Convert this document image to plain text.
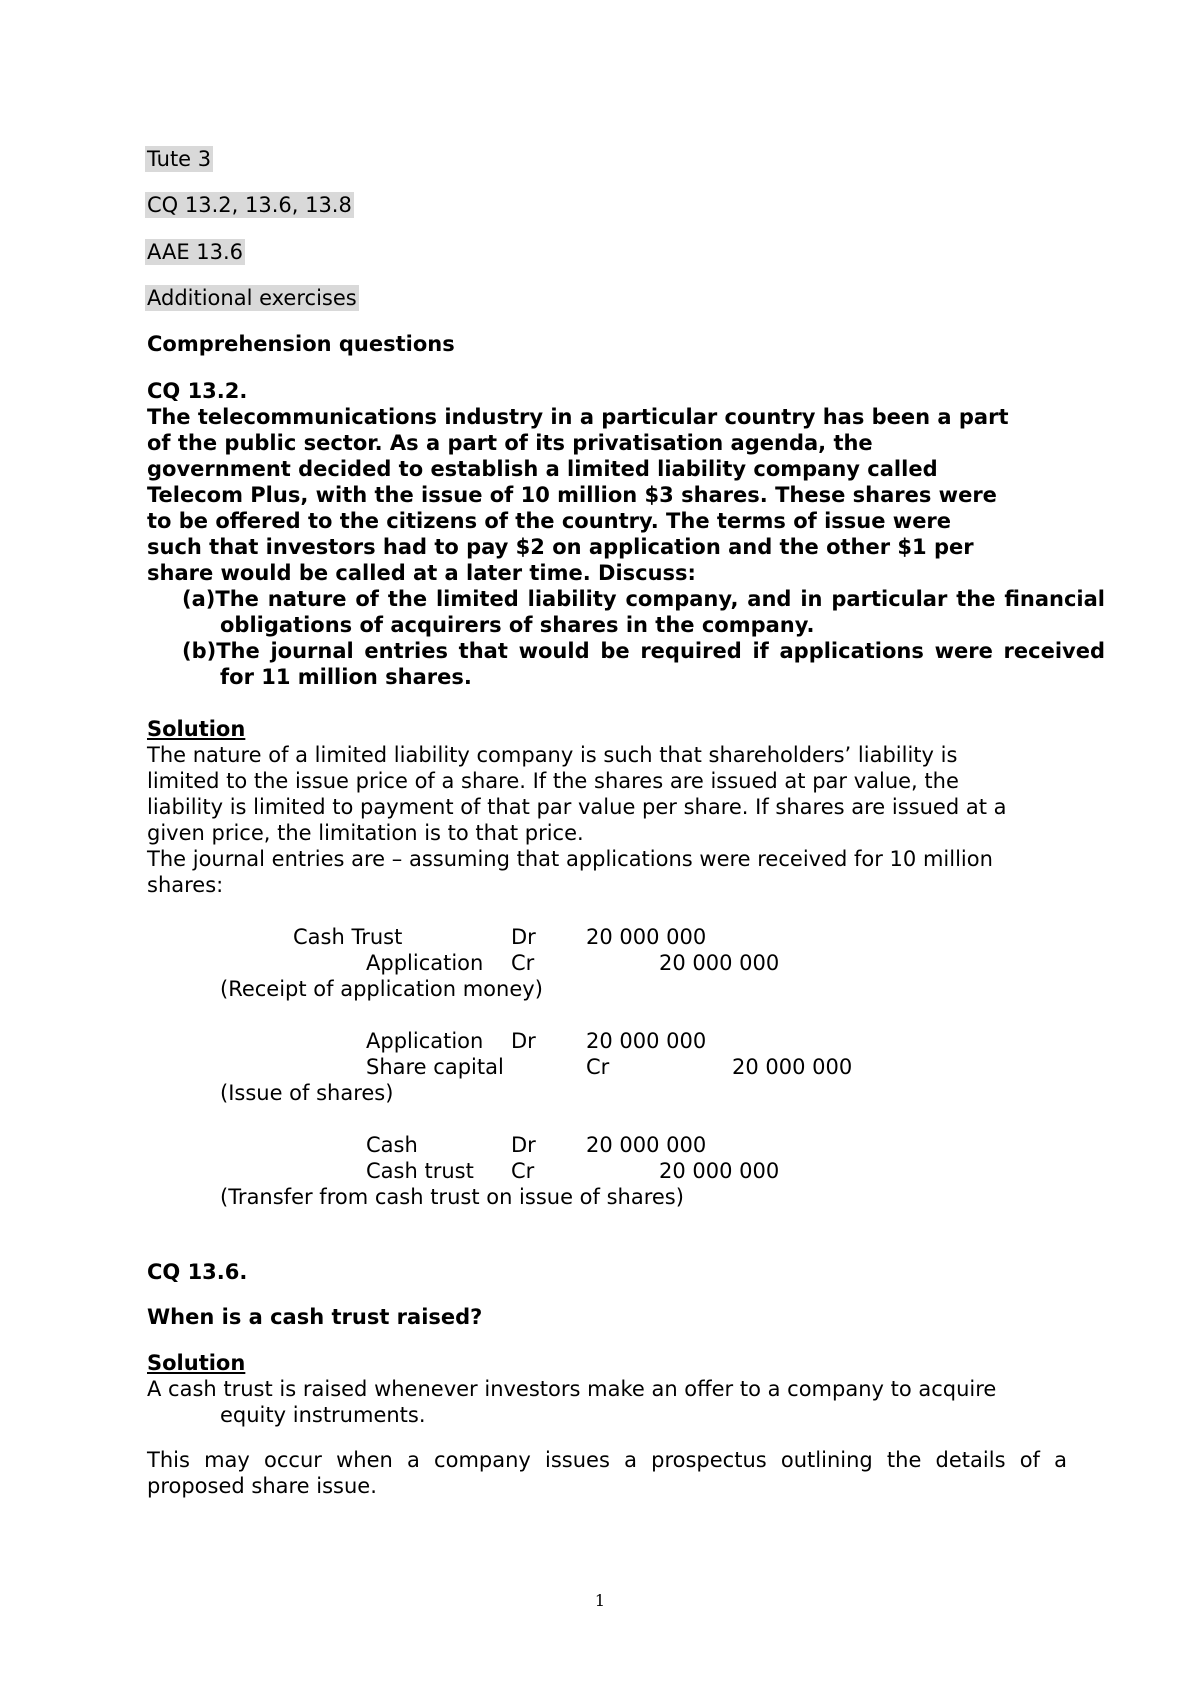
Tute 3
CQ 13.2, 13.6, 13.8
AAE 13.6
Additional exercises
Comprehension questions
CQ 13.2.
The telecommunications industry in a particular country has been a part
of the public sector. As a part of its privatisation agenda, the
government decided to establish a limited liability company called
Telecom Plus, with the issue of 10 million $3 shares. These shares were
to be offered to the citizens of the country. The terms of issue were
such that investors had to pay $2 on application and the other $1 per
share would be called at a later time. Discuss:
(a)The nature of the limited liability company, and in particular the financial obligations of acquirers of shares in the company.
(b)The journal entries that would be required if applications were received for 11 million shares.
Solution
The nature of a limited liability company is such that shareholders’ liability is
limited to the issue price of a share. If the shares are issued at par value, the
liability is limited to payment of that par value per share. If shares are issued at a
given price, the limitation is to that price.
The journal entries are – assuming that applications were received for 10 million
shares:
Cash Trust	Dr 20 000 000
Application Cr	20 000 000
(Receipt of application money)
Application Dr 20 000 000
Share capital	Cr	20 000 000
(Issue of shares)
Cash	Dr 20 000 000
Cash trust Cr	20 000 000
(Transfer from cash trust on issue of shares)
CQ 13.6.
When is a cash trust raised?
Solution
A cash trust is raised whenever investors make an offer to a company to acquire
equity instruments.
This may occur when a company issues a prospectus outlining the details of a proposed share issue.
1
